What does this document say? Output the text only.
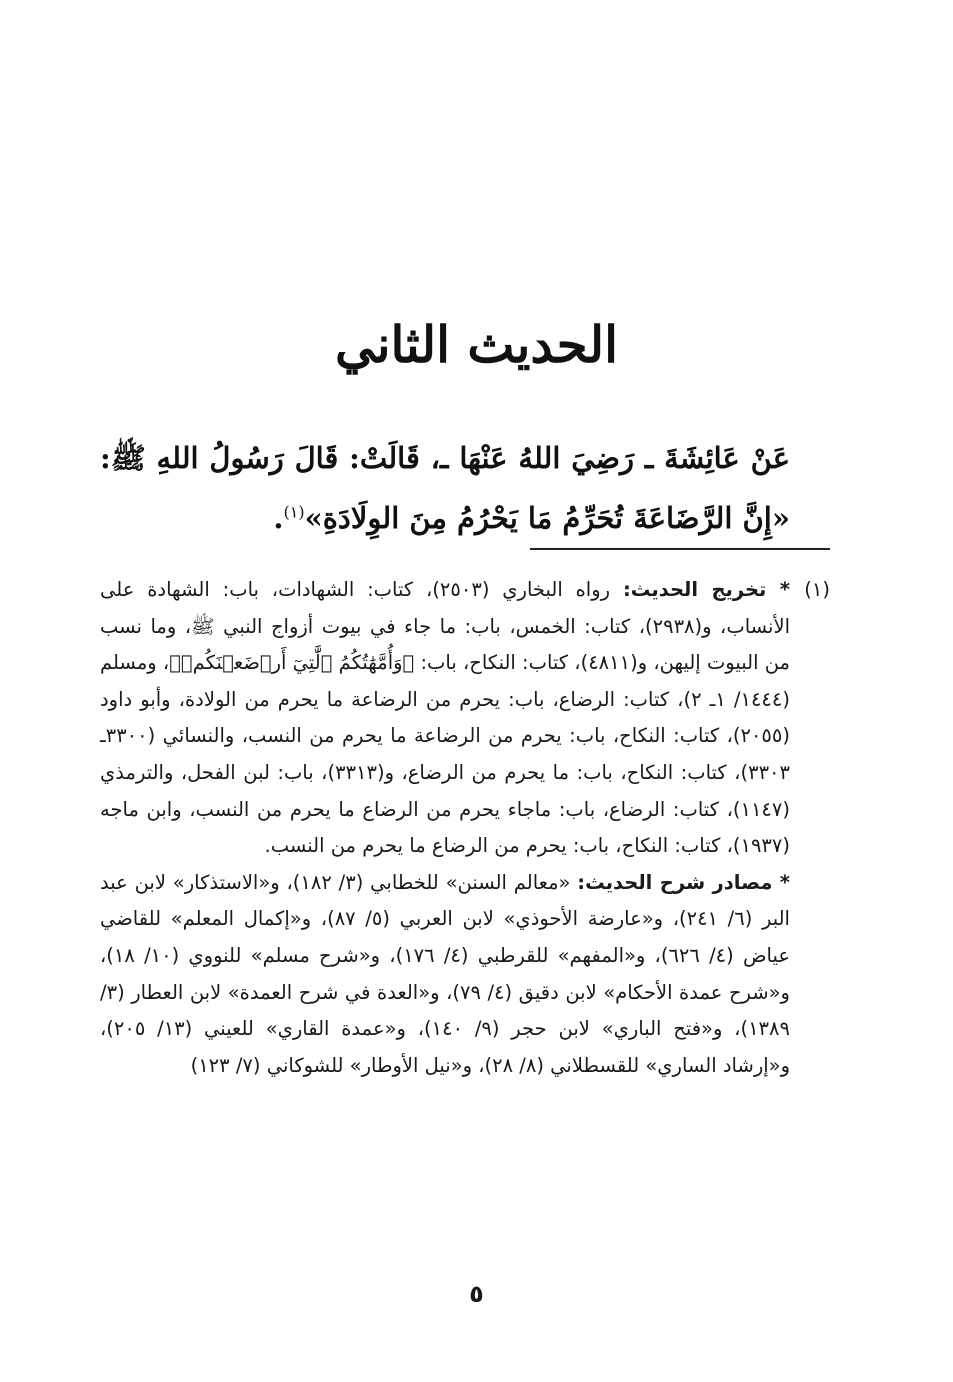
الحديث الثاني

عَنْ عَائِشَةَ ـ رَضِيَ اللهُ عَنْهَا ـ، قَالَتْ: قَالَ رَسُولُ اللهِ ﷺ: «إِنَّ الرَّضَاعَةَ تُحَرِّمُ مَا يَحْرُمُ مِنَ الوِلَادَةِ»$^{(١)}$.

(١)

* تخريج الحديث: رواه البخاري (٢٥٠٣)، كتاب: الشهادات، باب: الشهادة على الأنساب، و(٢٩٣٨)، كتاب: الخمس، باب: ما جاء في بيوت أزواج النبي ﷺ، وما نسب من البيوت إليهن، و(٤٨١١)، كتاب: النكاح، باب: ﴿وَأُمَّهَٰتُكُمُ ٱلَّٰتِيٓ أَرۡضَعۡنَكُمۡ﴾، ومسلم (١٤٤٤/ ١ـ ٢)، كتاب: الرضاع، باب: يحرم من الرضاعة ما يحرم من الولادة، وأبو داود (٢٠٥٥)، كتاب: النكاح، باب: يحرم من الرضاعة ما يحرم من النسب، والنسائي (٣٣٠٠ـ ٣٣٠٣)، كتاب: النكاح، باب: ما يحرم من الرضاع، و(٣٣١٣)، باب: لبن الفحل، والترمذي (١١٤٧)، كتاب: الرضاع، باب: ماجاء يحرم من الرضاع ما يحرم من النسب، وابن ماجه (١٩٣٧)، كتاب: النكاح، باب: يحرم من الرضاع ما يحرم من النسب.

* مصادر شرح الحديث: «معالم السنن» للخطابي (٣/ ١٨٢)، و«الاستذكار» لابن عبد البر (٦/ ٢٤١)، و«عارضة الأحوذي» لابن العربي (٥/ ٨٧)، و«إكمال المعلم» للقاضي عياض (٤/ ٦٢٦)، و«المفهم» للقرطبي (٤/ ١٧٦)، و«شرح مسلم» للنووي (١٠/ ١٨)، و«شرح عمدة الأحكام» لابن دقيق (٤/ ٧٩)، و«العدة في شرح العمدة» لابن العطار (٣/ ١٣٨٩)، و«فتح الباري» لابن حجر (٩/ ١٤٠)، و«عمدة القاري» للعيني (١٣/ ٢٠٥)، و«إرشاد الساري» للقسطلاني (٨/ ٢٨)، و«نيل الأوطار» للشوكاني (٧/ ١٢٣)

٥
